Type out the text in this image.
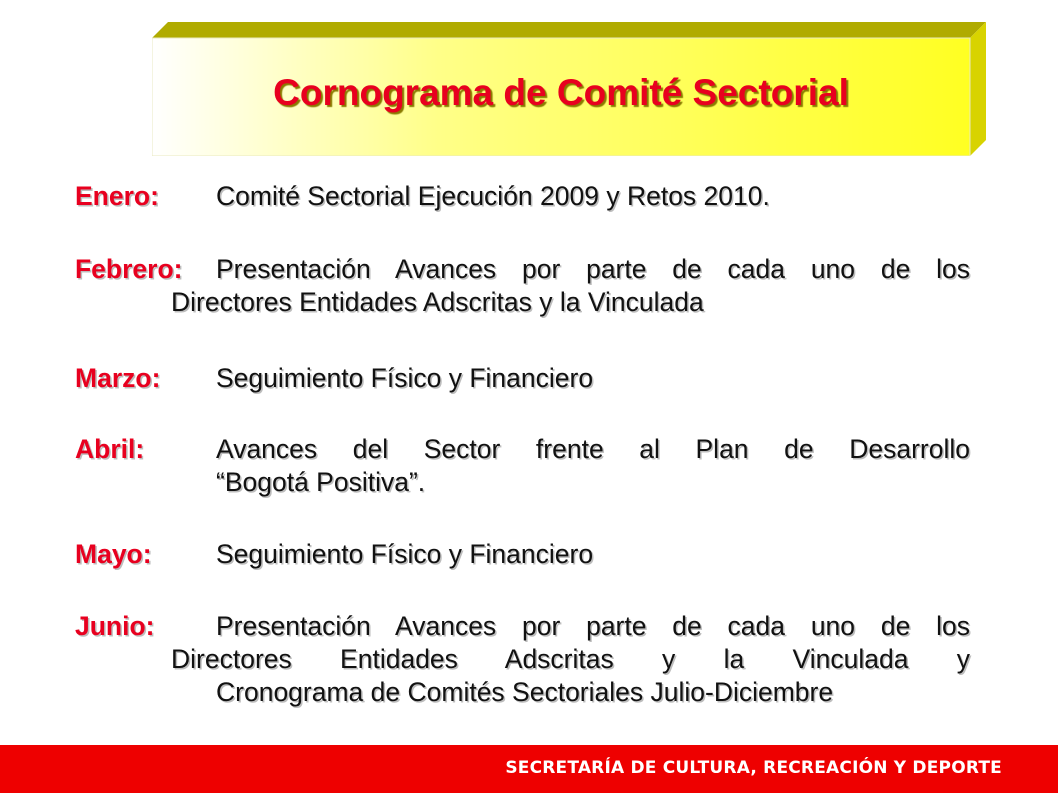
Cornograma de Comité Sectorial
Enero:	Comité Sectorial Ejecución 2009 y Retos 2010.
Febrero:	Presentación Avances por parte de cada uno de los
Directores Entidades Adscritas y la Vinculada
Marzo:	Seguimiento Físico y Financiero
Abril:	Avances del Sector frente al Plan de Desarrollo
“Bogotá Positiva”.
Mayo:	Seguimiento Físico y Financiero
Junio:	Presentación Avances por parte de cada uno de los
Directores Entidades Adscritas y la Vinculada y
Cronograma de Comités Sectoriales Julio-Diciembre
SECRETARÍA DE CULTURA, RECREACIÓN Y DEPORTE
